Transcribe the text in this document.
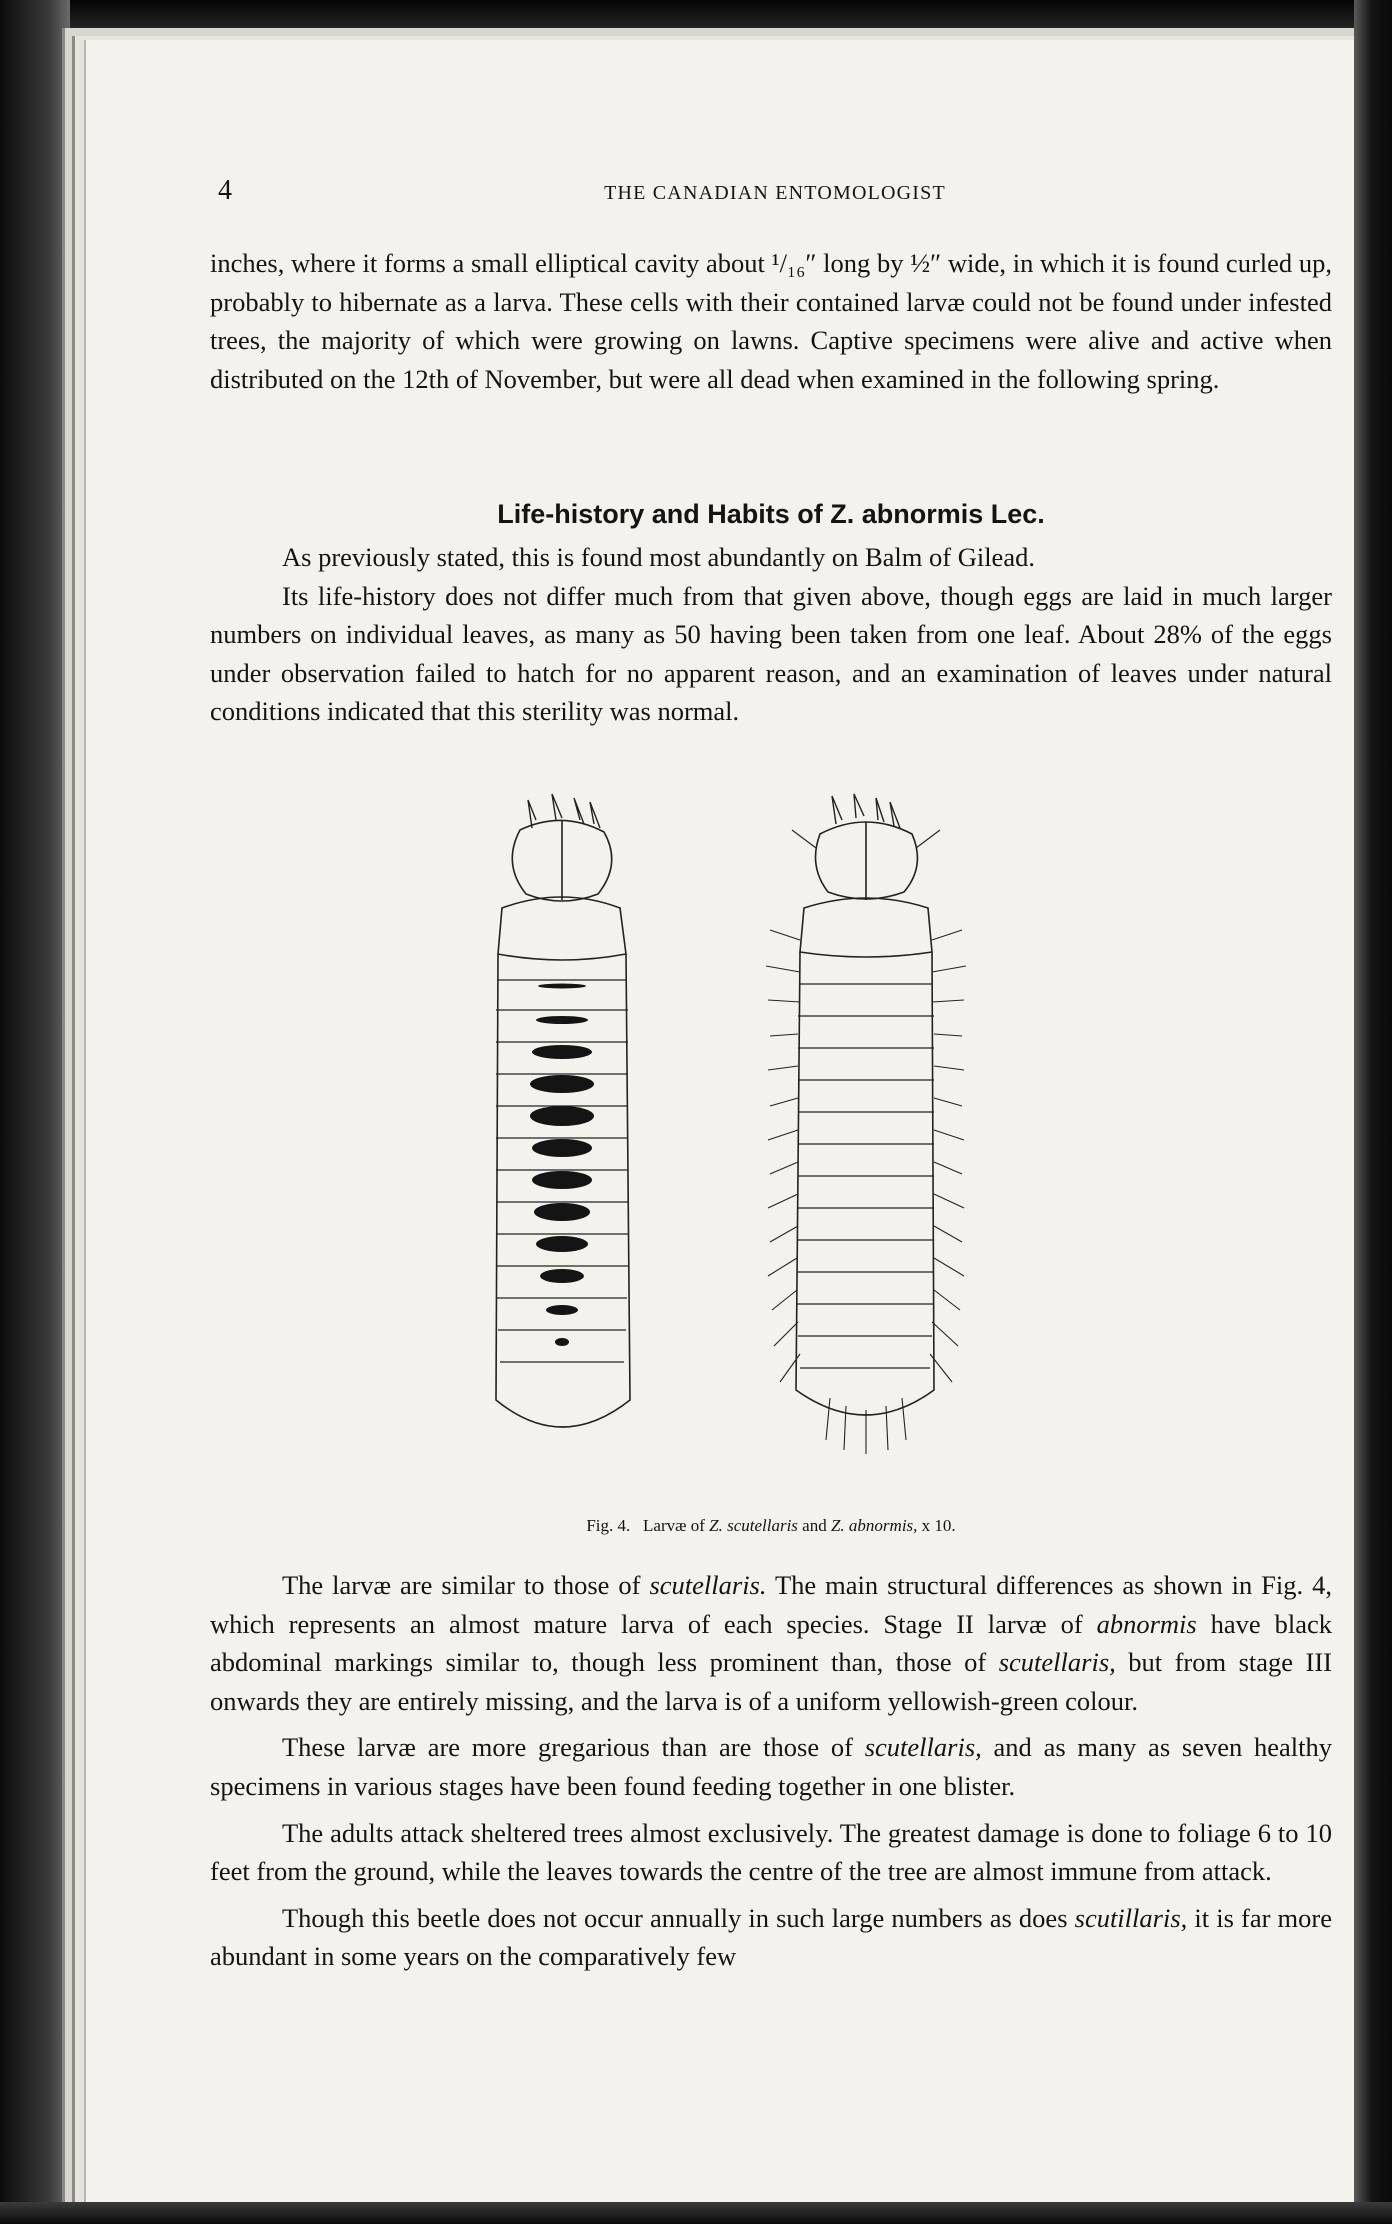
4	THE CANADIAN ENTOMOLOGIST

inches, where it forms a small elliptical cavity about ¹/₁₆″ long by ½″ wide, in which it is found curled up, probably to hibernate as a larva. These cells with their contained larvæ could not be found under infested trees, the majority of which were growing on lawns. Captive specimens were alive and active when distributed on the 12th of November, but were all dead when examined in the following spring.

Life-history and Habits of Z. abnormis Lec.

As previously stated, this is found most abundantly on Balm of Gilead.

Its life-history does not differ much from that given above, though eggs are laid in much larger numbers on individual leaves, as many as 50 having been taken from one leaf. About 28% of the eggs under observation failed to hatch for no apparent reason, and an examination of leaves under natural conditions indicated that this sterility was normal.

Fig. 4. Larvæ of Z. scutellaris and Z. abnormis, x 10.

The larvæ are similar to those of scutellaris. The main structural differences as shown in Fig. 4, which represents an almost mature larva of each species. Stage II larvæ of abnormis have black abdominal markings similar to, though less prominent than, those of scutellaris, but from stage III onwards they are entirely missing, and the larva is of a uniform yellowish-green colour.

These larvæ are more gregarious than are those of scutellaris, and as many as seven healthy specimens in various stages have been found feeding together in one blister.

The adults attack sheltered trees almost exclusively. The greatest damage is done to foliage 6 to 10 feet from the ground, while the leaves towards the centre of the tree are almost immune from attack.

Though this beetle does not occur annually in such large numbers as does scutillaris, it is far more abundant in some years on the comparatively few
